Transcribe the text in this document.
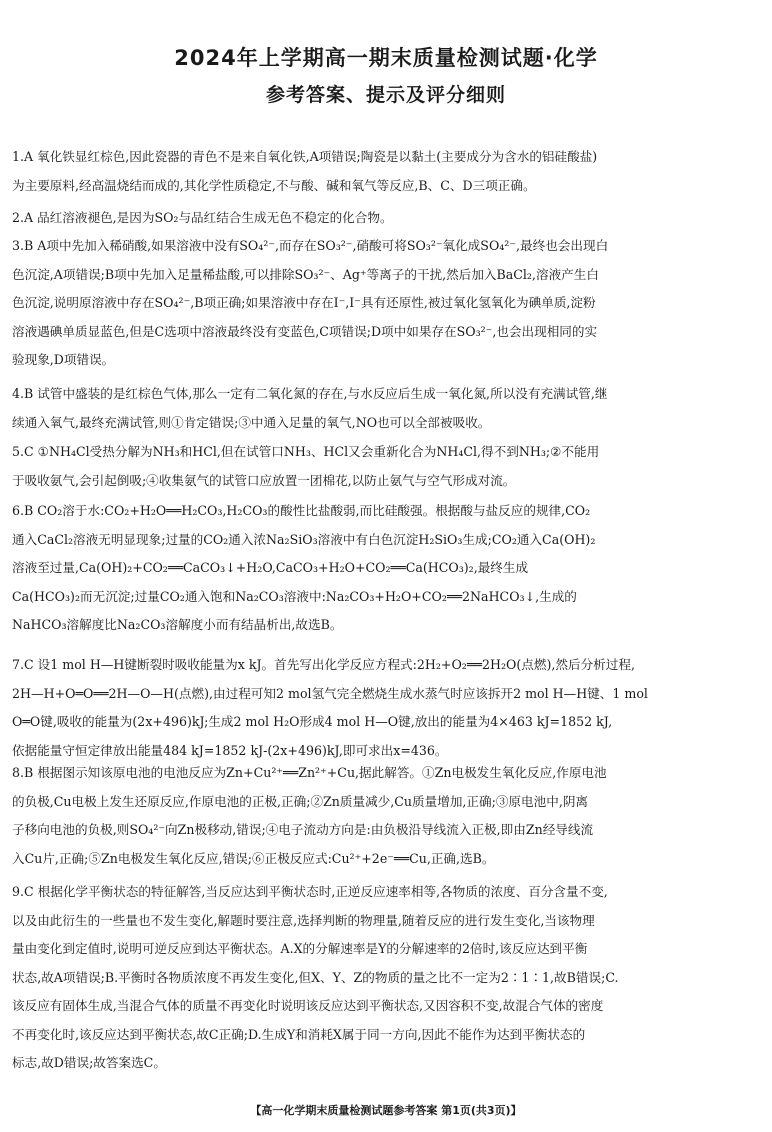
2024年上学期高一期末质量检测试题·化学
参考答案、提示及评分细则
1.A 氧化铁显红棕色,因此瓷器的青色不是来自氧化铁,A项错误;陶瓷是以黏土(主要成分为含水的铝硅酸盐)
为主要原料,经高温烧结而成的,其化学性质稳定,不与酸、碱和氧气等反应,B、C、D三项正确。
2.A 品红溶液褪色,是因为SO₂与品红结合生成无色不稳定的化合物。
3.B A项中先加入稀硝酸,如果溶液中没有SO₄²⁻,而存在SO₃²⁻,硝酸可将SO₃²⁻氧化成SO₄²⁻,最终也会出现白
色沉淀,A项错误;B项中先加入足量稀盐酸,可以排除SO₃²⁻、Ag⁺等离子的干扰,然后加入BaCl₂,溶液产生白
色沉淀,说明原溶液中存在SO₄²⁻,B项正确;如果溶液中存在I⁻,I⁻具有还原性,被过氧化氢氧化为碘单质,淀粉
溶液遇碘单质显蓝色,但是C选项中溶液最终没有变蓝色,C项错误;D项中如果存在SO₃²⁻,也会出现相同的实
验现象,D项错误。
4.B 试管中盛装的是红棕色气体,那么一定有二氧化氮的存在,与水反应后生成一氧化氮,所以没有充满试管,继
续通入氧气,最终充满试管,则①肯定错误;③中通入足量的氧气,NO也可以全部被吸收。
5.C ①NH₄Cl受热分解为NH₃和HCl,但在试管口NH₃、HCl又会重新化合为NH₄Cl,得不到NH₃;②不能用
于吸收氨气,会引起倒吸;④收集氨气的试管口应放置一团棉花,以防止氨气与空气形成对流。
6.B CO₂溶于水:CO₂+H₂O══H₂CO₃,H₂CO₃的酸性比盐酸弱,而比硅酸强。根据酸与盐反应的规律,CO₂
通入CaCl₂溶液无明显现象;过量的CO₂通入浓Na₂SiO₃溶液中有白色沉淀H₂SiO₃生成;CO₂通入Ca(OH)₂
溶液至过量,Ca(OH)₂+CO₂══CaCO₃↓+H₂O,CaCO₃+H₂O+CO₂══Ca(HCO₃)₂,最终生成
Ca(HCO₃)₂而无沉淀;过量CO₂通入饱和Na₂CO₃溶液中:Na₂CO₃+H₂O+CO₂══2NaHCO₃↓,生成的
NaHCO₃溶解度比Na₂CO₃溶解度小而有结晶析出,故选B。
7.C 设1 mol H—H键断裂时吸收能量为x kJ。首先写出化学反应方程式:2H₂+O₂══2H₂O(点燃),然后分析过程,
2H—H+O═O══2H—O—H(点燃),由过程可知2 mol氢气完全燃烧生成水蒸气时应该拆开2 mol H—H键、1 mol
O═O键,吸收的能量为(2x+496)kJ;生成2 mol H₂O形成4 mol H—O键,放出的能量为4×463 kJ=1852 kJ,
依据能量守恒定律放出能量484 kJ=1852 kJ-(2x+496)kJ,即可求出x=436。
8.B 根据图示知该原电池的电池反应为Zn+Cu²⁺══Zn²⁺+Cu,据此解答。①Zn电极发生氧化反应,作原电池
的负极,Cu电极上发生还原反应,作原电池的正极,正确;②Zn质量减少,Cu质量增加,正确;③原电池中,阴离
子移向电池的负极,则SO₄²⁻向Zn极移动,错误;④电子流动方向是:由负极沿导线流入正极,即由Zn经导线流
入Cu片,正确;⑤Zn电极发生氧化反应,错误;⑥正极反应式:Cu²⁺+2e⁻══Cu,正确,选B。
9.C 根据化学平衡状态的特征解答,当反应达到平衡状态时,正逆反应速率相等,各物质的浓度、百分含量不变,
以及由此衍生的一些量也不发生变化,解题时要注意,选择判断的物理量,随着反应的进行发生变化,当该物理
量由变化到定值时,说明可逆反应到达平衡状态。A.X的分解速率是Y的分解速率的2倍时,该反应达到平衡
状态,故A项错误;B.平衡时各物质浓度不再发生变化,但X、Y、Z的物质的量之比不一定为2∶1∶1,故B错误;C.
该反应有固体生成,当混合气体的质量不再变化时说明该反应达到平衡状态,又因容积不变,故混合气体的密度
不再变化时,该反应达到平衡状态,故C正确;D.生成Y和消耗X属于同一方向,因此不能作为达到平衡状态的
标志,故D错误;故答案选C。
【高一化学期末质量检测试题参考答案 第1页(共3页)】
